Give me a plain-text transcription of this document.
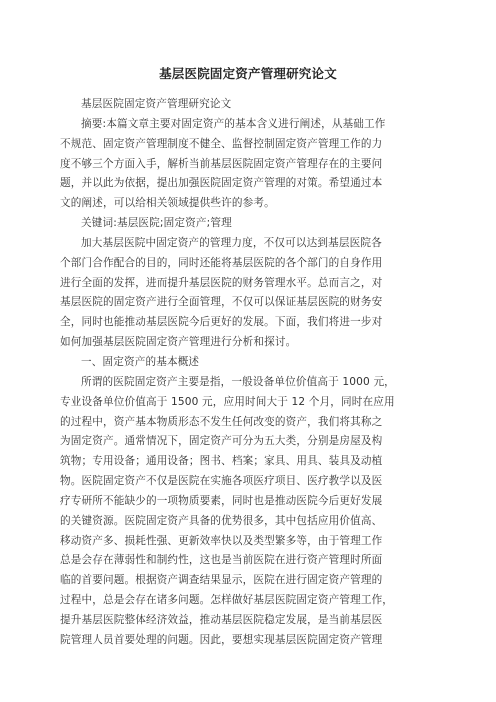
基层医院固定资产管理研究论文
基层医院固定资产管理研究论文
摘要:本篇文章主要对固定资产的基本含义进行阐述，从基础工作
不规范、固定资产管理制度不健全、监督控制固定资产管理工作的力
度不够三个方面入手，解析当前基层医院固定资产管理存在的主要问
题，并以此为依据，提出加强医院固定资产管理的对策。希望通过本
文的阐述，可以给相关领域提供些许的参考。
关键词:基层医院;固定资产;管理
加大基层医院中固定资产的管理力度，不仅可以达到基层医院各
个部门合作配合的目的，同时还能将基层医院的各个部门的自身作用
进行全面的发挥，进而提升基层医院的财务管理水平。总而言之，对
基层医院的固定资产进行全面管理，不仅可以保证基层医院的财务安
全，同时也能推动基层医院今后更好的发展。下面，我们将进一步对
如何加强基层医院固定资产管理进行分析和探讨。
一、固定资产的基本概述
所谓的医院固定资产主要是指，一般设备单位价值高于 1000 元，
专业设备单位价值高于 1500 元，应用时间大于 12 个月，同时在应用
的过程中，资产基本物质形态不发生任何改变的资产，我们将其称之
为固定资产。通常情况下，固定资产可分为五大类，分别是房屋及构
筑物；专用设备；通用设备；图书、档案；家具、用具、装具及动植
物。医院固定资产不仅是医院在实施各项医疗项目、医疗教学以及医
疗专研所不能缺少的一项物质要素，同时也是推动医院今后更好发展
的关键资源。医院固定资产具备的优势很多，其中包括应用价值高、
移动资产多、损耗性强、更新效率快以及类型繁多等，由于管理工作
总是会存在薄弱性和制约性，这也是当前医院在进行资产管理时所面
临的首要问题。根据资产调查结果显示，医院在进行固定资产管理的
过程中，总是会存在诸多问题。怎样做好基层医院固定资产管理工作，
提升基层医院整体经济效益，推动基层医院稳定发展，是当前基层医
院管理人员首要处理的问题。因此，要想实现基层医院固定资产管理
